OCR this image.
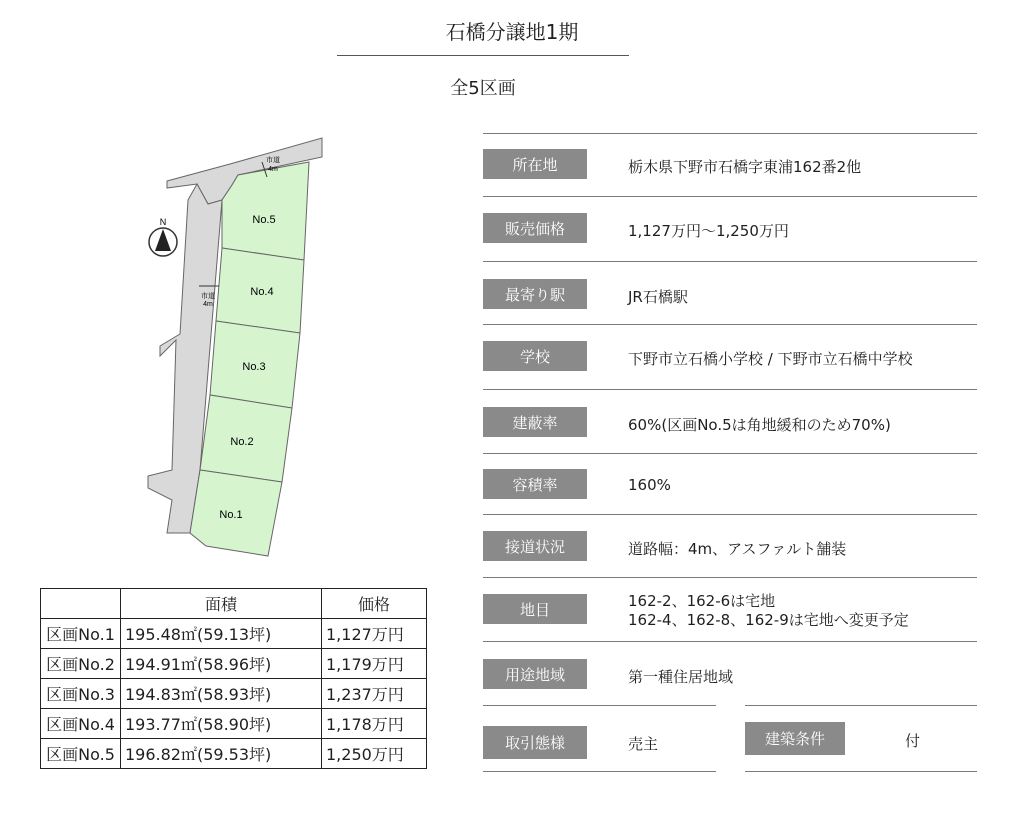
石橋分譲地1期
全5区画
No.5
No.4
No.3
No.2
No.1
市道
4m
市道
4m
N
	面積	価格
区画No.1	195.48㎡(59.13坪)	1,127万円
区画No.2	194.91㎡(58.96坪)	1,179万円
区画No.3	194.83㎡(58.93坪)	1,237万円
区画No.4	193.77㎡(58.90坪)	1,178万円
区画No.5	196.82㎡(59.53坪)	1,250万円
所在地	栃木県下野市石橋字東浦162番2他
販売価格	1,127万円～1,250万円
最寄り駅	JR石橋駅
学校	下野市立石橋小学校 / 下野市立石橋中学校
建蔽率	60%(区画No.5は角地緩和のため70%)
容積率	160%
接道状況	道路幅：4m、アスファルト舗装
地目	162-2、162-6は宅地
162-4、162-8、162-9は宅地へ変更予定
用途地域	第一種住居地域
取引態様	売主	建築条件	付
